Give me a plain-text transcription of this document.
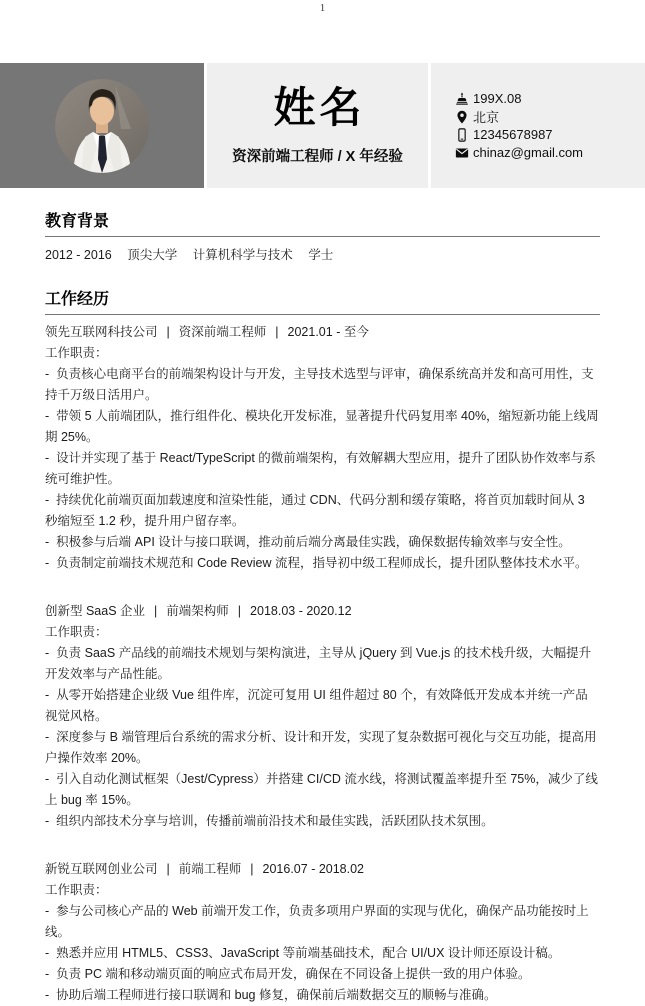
1
姓名
资深前端工程师 / X 年经验
199X.08
北京
12345678987
chinaz@gmail.com
教育背景
2012 - 2016 顶尖大学 计算机科学与技术 学士
工作经历
领先互联网科技公司 | 资深前端工程师 | 2021.01 - 至今
工作职责：

- 负责核心电商平台的前端架构设计与开发，主导技术选型与评审，确保系统高并发和高可用性，支持千万级日活用户。

- 带领 5 人前端团队，推行组件化、模块化开发标准，显著提升代码复用率 40%，缩短新功能上线周期 25%。

- 设计并实现了基于 React/TypeScript 的微前端架构，有效解耦大型应用，提升了团队协作效率与系统可维护性。

- 持续优化前端页面加载速度和渲染性能，通过 CDN、代码分割和缓存策略，将首页加载时间从 3 秒缩短至 1.2 秒，提升用户留存率。

- 积极参与后端 API 设计与接口联调，推动前后端分离最佳实践，确保数据传输效率与安全性。

- 负责制定前端技术规范和 Code Review 流程，指导初中级工程师成长，提升团队整体技术水平。

创新型 SaaS 企业 | 前端架构师 | 2018.03 - 2020.12
工作职责：

- 负责 SaaS 产品线的前端技术规划与架构演进，主导从 jQuery 到 Vue.js 的技术栈升级，大幅提升开发效率与产品性能。

- 从零开始搭建企业级 Vue 组件库，沉淀可复用 UI 组件超过 80 个，有效降低开发成本并统一产品视觉风格。

- 深度参与 B 端管理后台系统的需求分析、设计和开发，实现了复杂数据可视化与交互功能，提高用户操作效率 20%。

- 引入自动化测试框架（Jest/Cypress）并搭建 CI/CD 流水线，将测试覆盖率提升至 75%，减少了线上 bug 率 15%。

- 组织内部技术分享与培训，传播前端前沿技术和最佳实践，活跃团队技术氛围。

新锐互联网创业公司 | 前端工程师 | 2016.07 - 2018.02
工作职责：

- 参与公司核心产品的 Web 前端开发工作，负责多项用户界面的实现与优化，确保产品功能按时上线。

- 熟悉并应用 HTML5、CSS3、JavaScript 等前端基础技术，配合 UI/UX 设计师还原设计稿。

- 负责 PC 端和移动端页面的响应式布局开发，确保在不同设备上提供一致的用户体验。

- 协助后端工程师进行接口联调和 bug 修复，确保前后端数据交互的顺畅与准确。
